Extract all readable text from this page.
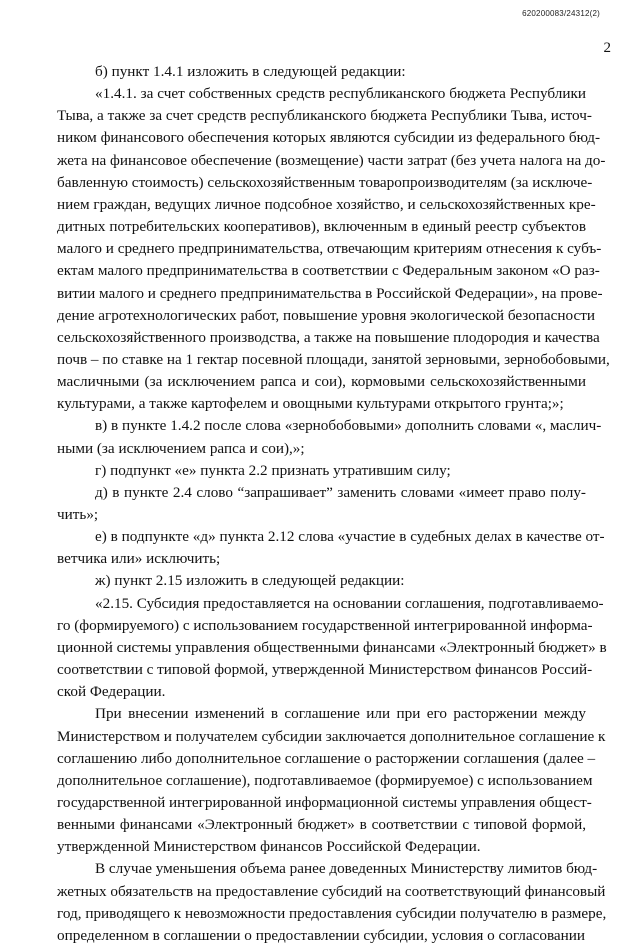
620200083/24312(2)
2
б) пункт 1.4.1 изложить в следующей редакции:
«1.4.1. за счет собственных средств республиканского бюджета Республики
Тыва, а также за счет средств республиканского бюджета Республики Тыва, источ-
ником финансового обеспечения которых являются субсидии из федерального бюд-
жета на финансовое обеспечение (возмещение) части затрат (без учета налога на до-
бавленную стоимость) сельскохозяйственным товаропроизводителям (за исключе-
нием граждан, ведущих личное подсобное хозяйство, и сельскохозяйственных кре-
дитных потребительских кооперативов), включенным в единый реестр субъектов
малого и среднего предпринимательства, отвечающим критериям отнесения к субъ-
ектам малого предпринимательства в соответствии с Федеральным законом «О раз-
витии малого и среднего предпринимательства в Российской Федерации», на прове-
дение агротехнологических работ, повышение уровня экологической безопасности
сельскохозяйственного производства, а также на повышение плодородия и качества
почв – по ставке на 1 гектар посевной площади, занятой зерновыми, зернобобовыми,
масличными (за исключением рапса и сои), кормовыми сельскохозяйственными
культурами, а также картофелем и овощными культурами открытого грунта;»;
в) в пункте 1.4.2 после слова «зернобобовыми» дополнить словами «, маслич-
ными (за исключением рапса и сои),»;
г) подпункт «е» пункта 2.2 признать утратившим силу;
д) в пункте 2.4 слово “запрашивает” заменить словами «имеет право полу-
чить»;
е) в подпункте «д» пункта 2.12 слова «участие в судебных делах в качестве от-
ветчика или» исключить;
ж) пункт 2.15 изложить в следующей редакции:
«2.15. Субсидия предоставляется на основании соглашения, подготавливаемо-
го (формируемого) с использованием государственной интегрированной информа-
ционной системы управления общественными финансами «Электронный бюджет» в
соответствии с типовой формой, утвержденной Министерством финансов Россий-
ской Федерации.
При внесении изменений в соглашение или при его расторжении между
Министерством и получателем субсидии заключается дополнительное соглашение к
соглашению либо дополнительное соглашение о расторжении соглашения (далее –
дополнительное соглашение), подготавливаемое (формируемое) с использованием
государственной интегрированной информационной системы управления общест-
венными финансами «Электронный бюджет» в соответствии с типовой формой,
утвержденной Министерством финансов Российской Федерации.
В случае уменьшения объема ранее доведенных Министерству лимитов бюд-
жетных обязательств на предоставление субсидий на соответствующий финансовый
год, приводящего к невозможности предоставления субсидии получателю в размере,
определенном в соглашении о предоставлении субсидии, условия о согласовании
